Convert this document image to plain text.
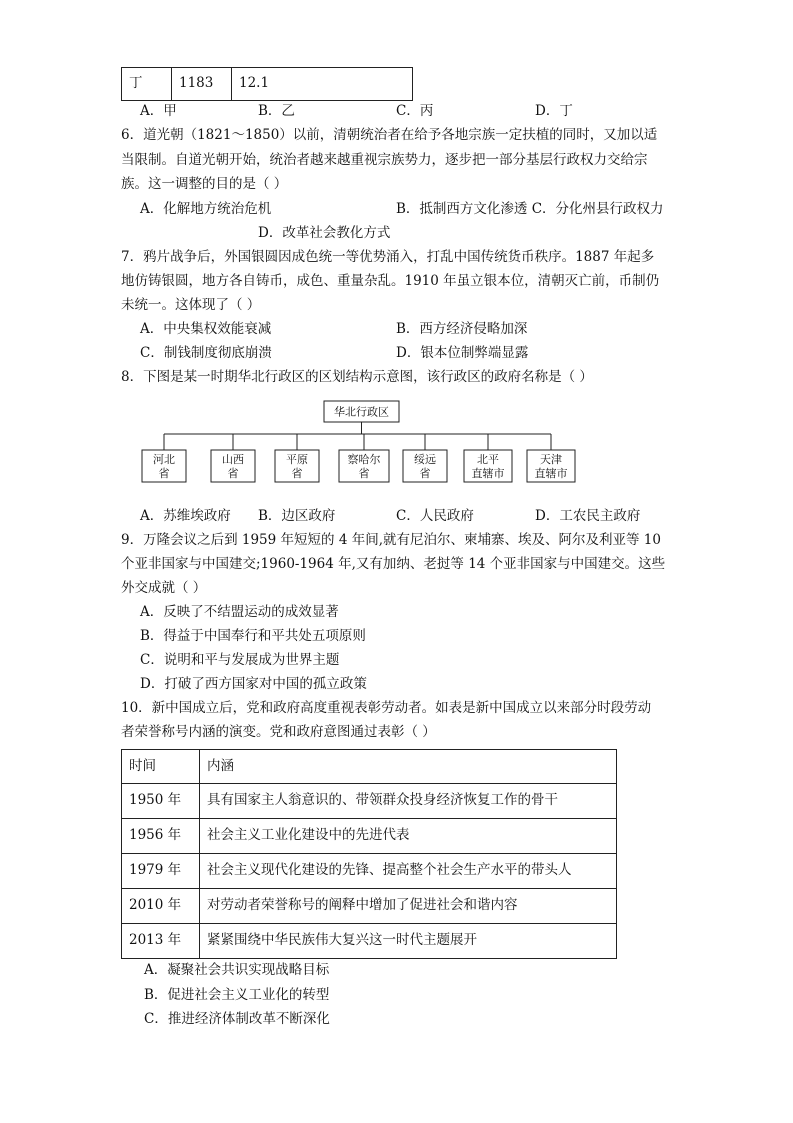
丁	1183	12.1
A．甲	B．乙	C．丙	D．丁
6．道光朝（1821～1850）以前，清朝统治者在给予各地宗族一定扶植的同时，又加以适
当限制。自道光朝开始，统治者越来越重视宗族势力，逐步把一部分基层行政权力交给宗
族。这一调整的目的是（ ）
A．化解地方统治危机	B．抵制西方文化渗透 C．分化州县行政权力
D．改革社会教化方式
7．鸦片战争后，外国银圆因成色统一等优势涌入，打乱中国传统货币秩序。1887 年起多
地仿铸银圆，地方各自铸币，成色、重量杂乱。1910 年虽立银本位，清朝灭亡前，币制仍
未统一。这体现了（ ）
A．中央集权效能衰减	B．西方经济侵略加深
C．制钱制度彻底崩溃	D．银本位制弊端显露
8．下图是某一时期华北行政区的区划结构示意图，该行政区的政府名称是（ ）
华北行政区
河北
省
山西
省
平原
省
察哈尔
省
绥远
省
北平
直辖市
天津
直辖市
A．苏维埃政府 B．边区政府	C．人民政府	D．工农民主政府
9．万隆会议之后到 1959 年短短的 4 年间,就有尼泊尔、柬埔寨、埃及、阿尔及利亚等 10
个亚非国家与中国建交;1960-1964 年,又有加纳、老挝等 14 个亚非国家与中国建交。这些
外交成就（ ）
A．反映了不结盟运动的成效显著
B．得益于中国奉行和平共处五项原则
C．说明和平与发展成为世界主题
D．打破了西方国家对中国的孤立政策
10．新中国成立后，党和政府高度重视表彰劳动者。如表是新中国成立以来部分时段劳动
者荣誉称号内涵的演变。党和政府意图通过表彰（ ）
时间	内涵
1950 年	具有国家主人翁意识的、带领群众投身经济恢复工作的骨干
1956 年	社会主义工业化建设中的先进代表
1979 年	社会主义现代化建设的先锋、提高整个社会生产水平的带头人
2010 年	对劳动者荣誉称号的阐释中增加了促进社会和谐内容
2013 年	紧紧围绕中华民族伟大复兴这一时代主题展开
A．凝聚社会共识实现战略目标
B．促进社会主义工业化的转型
C．推进经济体制改革不断深化
